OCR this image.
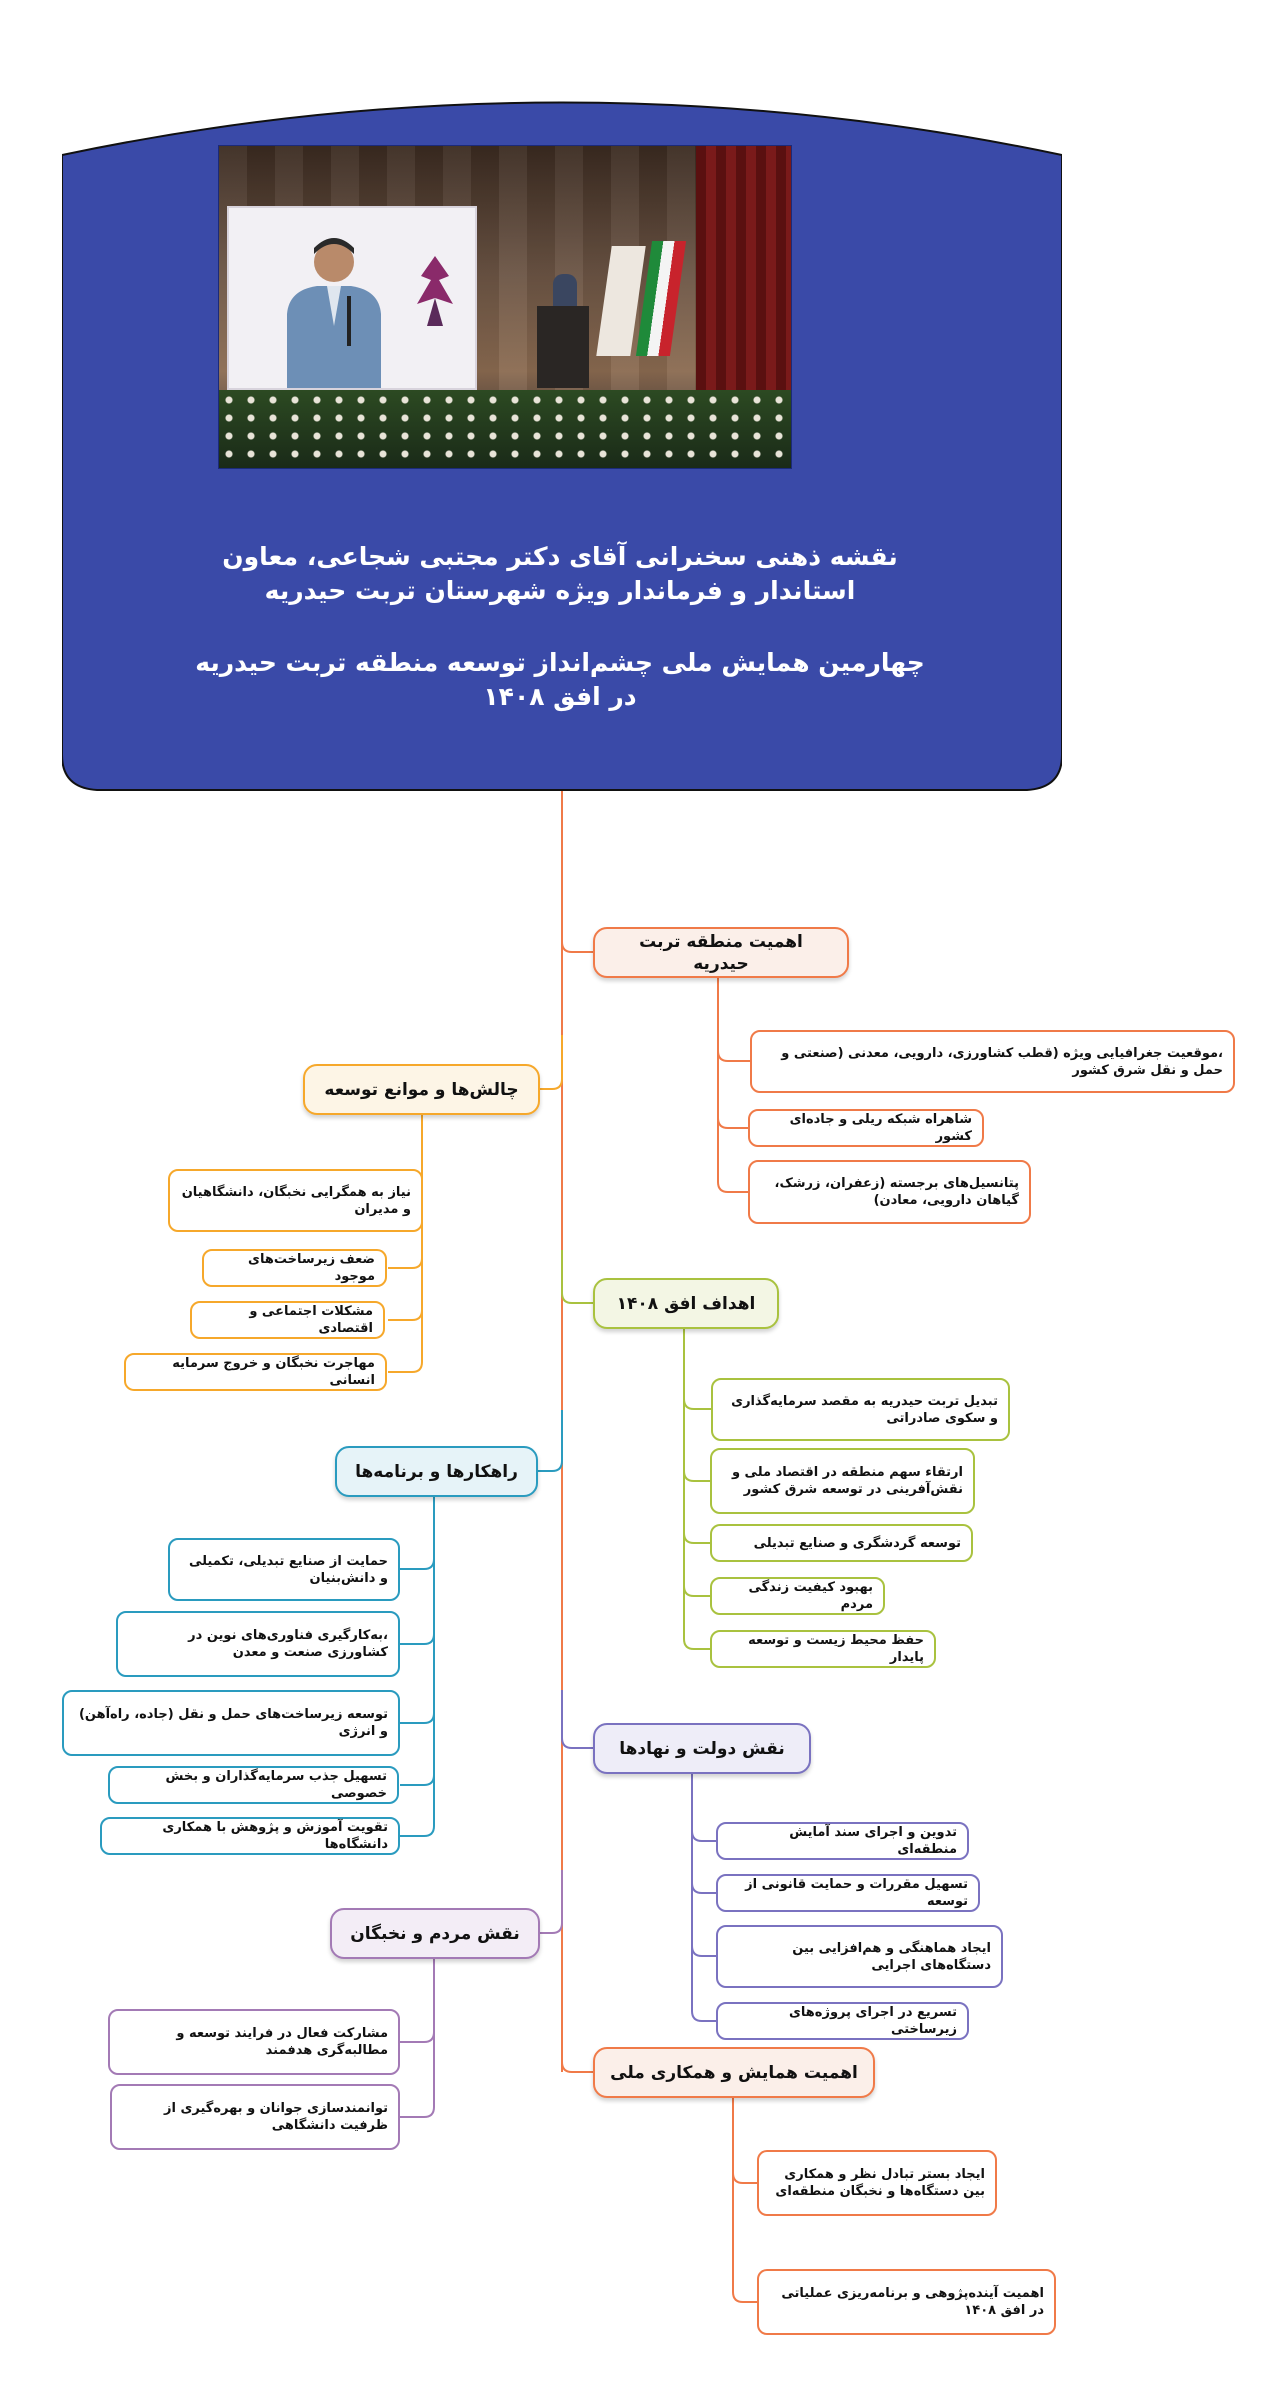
نقشه ذهنی سخنرانی آقای دکتر مجتبی شجاعی، معاون استاندار و فرماندار ویژه شهرستان تربت حیدریه
چهارمین همایش ملی چشم‌انداز توسعه منطقه تربت حیدریه در افق ۱۴۰۸
اهمیت منطقه تربت حیدریه
چالش‌ها و موانع توسعه
اهداف افق ۱۴۰۸
راهکارها و برنامه‌ها
نقش دولت و نهادها
نقش مردم و نخبگان
اهمیت همایش و همکاری ملی
،موقعیت جغرافیایی ویژه (قطب کشاورزی، دارویی، معدنی (صنعتی و حمل و نقل شرق کشور
شاهراه شبکه ریلی و جاده‌ای کشور
پتانسیل‌های برجسته (زعفران، زرشک، گیاهان دارویی، معادن)
نیاز به همگرایی نخبگان، دانشگاهیان و مدیران
ضعف زیرساخت‌های موجود
مشکلات اجتماعی و اقتصادی
مهاجرت نخبگان و خروج سرمایه انسانی
تبدیل تربت حیدریه به مقصد سرمایه‌گذاری و سکوی صادراتی
ارتقاء سهم منطقه در اقتصاد ملی و نقش‌آفرینی در توسعه شرق کشور
توسعه گردشگری و صنایع تبدیلی
بهبود کیفیت زندگی مردم
حفظ محیط زیست و توسعه پایدار
حمایت از صنایع تبدیلی، تکمیلی و دانش‌بنیان
،به‌کارگیری فناوری‌های نوین در کشاورزی صنعت و معدن
توسعه زیرساخت‌های حمل و نقل (جاده، راه‌آهن) و انرژی
تسهیل جذب سرمایه‌گذاران و بخش خصوصی
تقویت آموزش و پژوهش با همکاری دانشگاه‌ها
تدوین و اجرای سند آمایش منطقه‌ای
تسهیل مقررات و حمایت قانونی از توسعه
ایجاد هماهنگی و هم‌افزایی بین دستگاه‌های اجرایی
تسریع در اجرای پروژه‌های زیرساختی
مشارکت فعال در فرایند توسعه و مطالبه‌گری هدفمند
توانمندسازی جوانان و بهره‌گیری از ظرفیت دانشگاهی
ایجاد بستر تبادل نظر و همکاری بین دستگاه‌ها و نخبگان منطقه‌ای
اهمیت آینده‌پژوهی و برنامه‌ریزی عملیاتی در افق ۱۴۰۸
